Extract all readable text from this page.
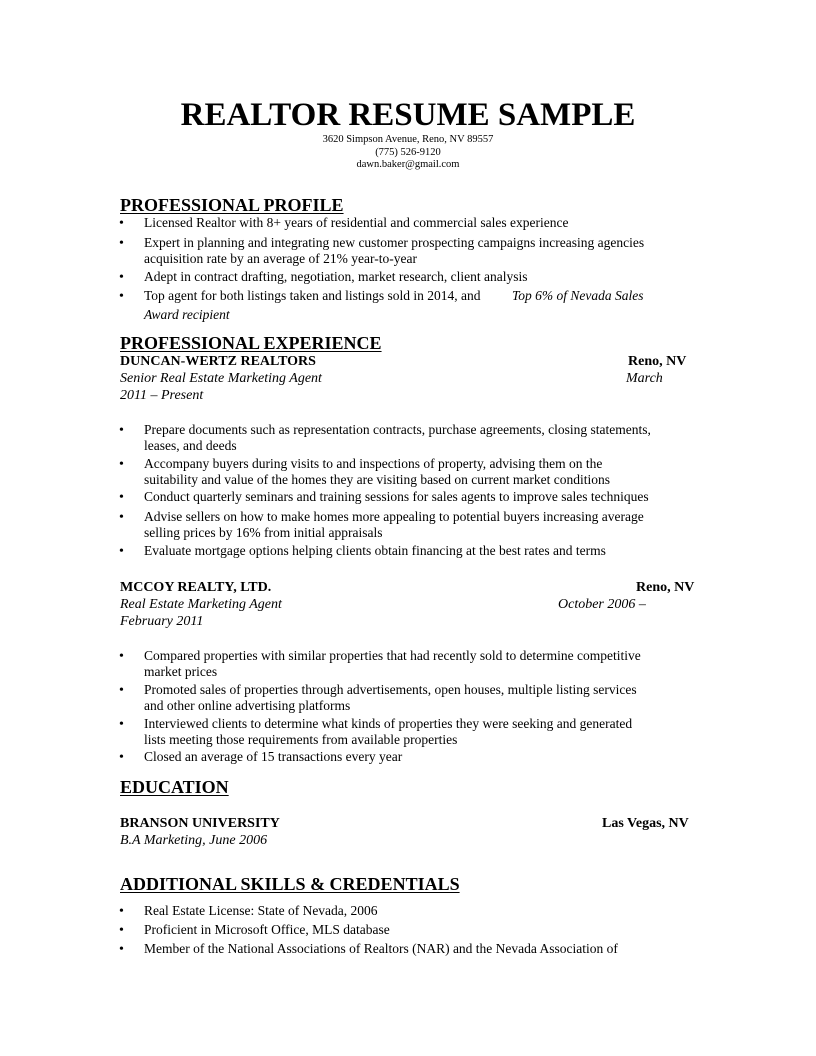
REALTOR RESUME SAMPLE
3620 Simpson Avenue, Reno, NV 89557
(775) 526-9120
dawn.baker@gmail.com
PROFESSIONAL PROFILE
• Licensed Realtor with 8+ years of residential and commercial sales experience
• Expert in planning and integrating new customer prospecting campaigns increasing agencies
acquisition rate by an average of 21% year-to-year
• Adept in contract drafting, negotiation, market research, client analysis
• Top agent for both listings taken and listings sold in 2014, and Top 6% of Nevada Sales
Award recipient
PROFESSIONAL EXPERIENCE
DUNCAN-WERTZ REALTORS	Reno, NV
Senior Real Estate Marketing Agent	March
2011 – Present
• Prepare documents such as representation contracts, purchase agreements, closing statements,
leases, and deeds
• Accompany buyers during visits to and inspections of property, advising them on the
suitability and value of the homes they are visiting based on current market conditions
• Conduct quarterly seminars and training sessions for sales agents to improve sales techniques
• Advise sellers on how to make homes more appealing to potential buyers increasing average
selling prices by 16% from initial appraisals
• Evaluate mortgage options helping clients obtain financing at the best rates and terms
MCCOY REALTY, LTD.	Reno, NV
Real Estate Marketing Agent	October 2006 –
February 2011
• Compared properties with similar properties that had recently sold to determine competitive
market prices
• Promoted sales of properties through advertisements, open houses, multiple listing services
and other online advertising platforms
• Interviewed clients to determine what kinds of properties they were seeking and generated
lists meeting those requirements from available properties
• Closed an average of 15 transactions every year
EDUCATION
BRANSON UNIVERSITY	Las Vegas, NV
B.A Marketing, June 2006
ADDITIONAL SKILLS & CREDENTIALS
• Real Estate License: State of Nevada, 2006
• Proficient in Microsoft Office, MLS database
• Member of the National Associations of Realtors (NAR) and the Nevada Association of
